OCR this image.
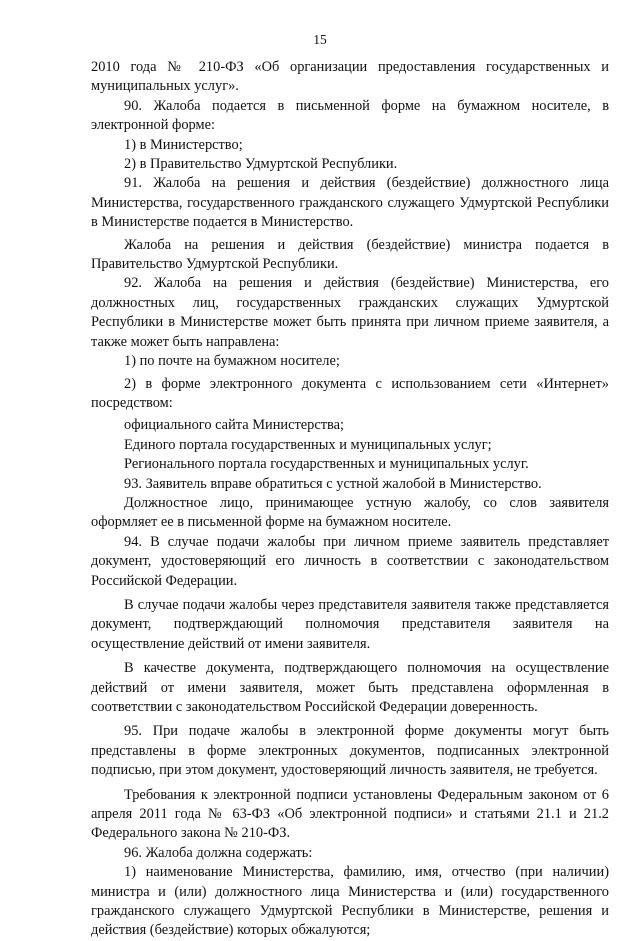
15

2010 года № 210-ФЗ «Об организации предоставления государственных и муниципальных услуг».

90. Жалоба подается в письменной форме на бумажном носителе, в электронной форме:

1) в Министерство;

2) в Правительство Удмуртской Республики.

91. Жалоба на решения и действия (бездействие) должностного лица Министерства, государственного гражданского служащего Удмуртской Республики в Министерстве подается в Министерство.

Жалоба на решения и действия (бездействие) министра подается в Правительство Удмуртской Республики.

92. Жалоба на решения и действия (бездействие) Министерства, его должностных лиц, государственных гражданских служащих Удмуртской Республики в Министерстве может быть принята при личном приеме заявителя, а также может быть направлена:

1) по почте на бумажном носителе;

2) в форме электронного документа с использованием сети «Интернет» посредством:

официального сайта Министерства;

Единого портала государственных и муниципальных услуг;

Регионального портала государственных и муниципальных услуг.

93. Заявитель вправе обратиться с устной жалобой в Министерство.

Должностное лицо, принимающее устную жалобу, со слов заявителя оформляет ее в письменной форме на бумажном носителе.

94. В случае подачи жалобы при личном приеме заявитель представляет документ, удостоверяющий его личность в соответствии с законодательством Российской Федерации.

В случае подачи жалобы через представителя заявителя также представляется документ, подтверждающий полномочия представителя заявителя на осуществление действий от имени заявителя.

В качестве документа, подтверждающего полномочия на осуществление действий от имени заявителя, может быть представлена оформленная в соответствии с законодательством Российской Федерации доверенность.

95. При подаче жалобы в электронной форме документы могут быть представлены в форме электронных документов, подписанных электронной подписью, при этом документ, удостоверяющий личность заявителя, не требуется.

Требования к электронной подписи установлены Федеральным законом от 6 апреля 2011 года № 63-ФЗ «Об электронной подписи» и статьями 21.1 и 21.2 Федерального закона № 210-ФЗ.

96. Жалоба должна содержать:

1) наименование Министерства, фамилию, имя, отчество (при наличии) министра и (или) должностного лица Министерства и (или) государственного гражданского служащего Удмуртской Республики в Министерстве, решения и действия (бездействие) которых обжалуются;
